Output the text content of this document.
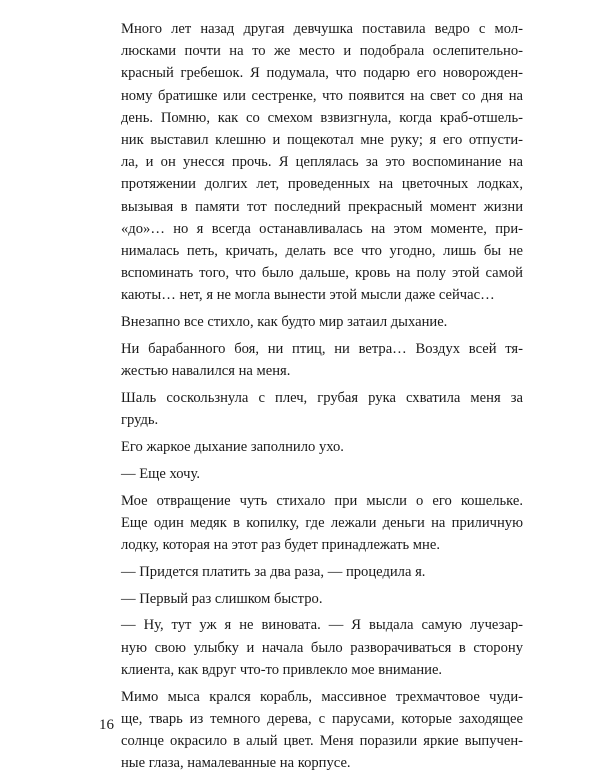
Много лет назад другая девчушка поставила ведро с мол-
люсками почти на то же место и подобрала ослепительно-
красный гребешок. Я подумала, что подарю его новорожден-
ному братишке или сестренке, что появится на свет со дня на
день. Помню, как со смехом взвизгнула, когда краб-отшель-
ник выставил клешню и пощекотал мне руку; я его отпусти-
ла, и он унесся прочь. Я цеплялась за это воспоминание на
протяжении долгих лет, проведенных на цветочных лодках,
вызывая в памяти тот последний прекрасный момент жизни
«до»… но я всегда останавливалась на этом моменте, при-
нималась петь, кричать, делать все что угодно, лишь бы не
вспоминать того, что было дальше, кровь на полу этой самой
каюты… нет, я не могла вынести этой мысли даже сейчас…

Внезапно все стихло, как будто мир затаил дыхание.

Ни барабанного боя, ни птиц, ни ветра… Воздух всей тя-
жестью навалился на меня.

Шаль соскользнула с плеч, грубая рука схватила меня за
грудь.

Его жаркое дыхание заполнило ухо.

— Еще хочу.

Мое отвращение чуть стихало при мысли о его кошельке.
Еще один медяк в копилку, где лежали деньги на приличную
лодку, которая на этот раз будет принадлежать мне.

— Придется платить за два раза, — процедила я.

— Первый раз слишком быстро.

— Ну, тут уж я не виновата. — Я выдала самую лучезар-
ную свою улыбку и начала было разворачиваться в сторону
клиента, как вдруг что-то привлекло мое внимание.

Мимо мыса крался корабль, массивное трехмачтовое чуди-
ще, тварь из темного дерева, с парусами, которые заходящее
солнце окрасило в алый цвет. Меня поразили яркие выпучен-
ные глаза, намалеванные на корпусе.

16
